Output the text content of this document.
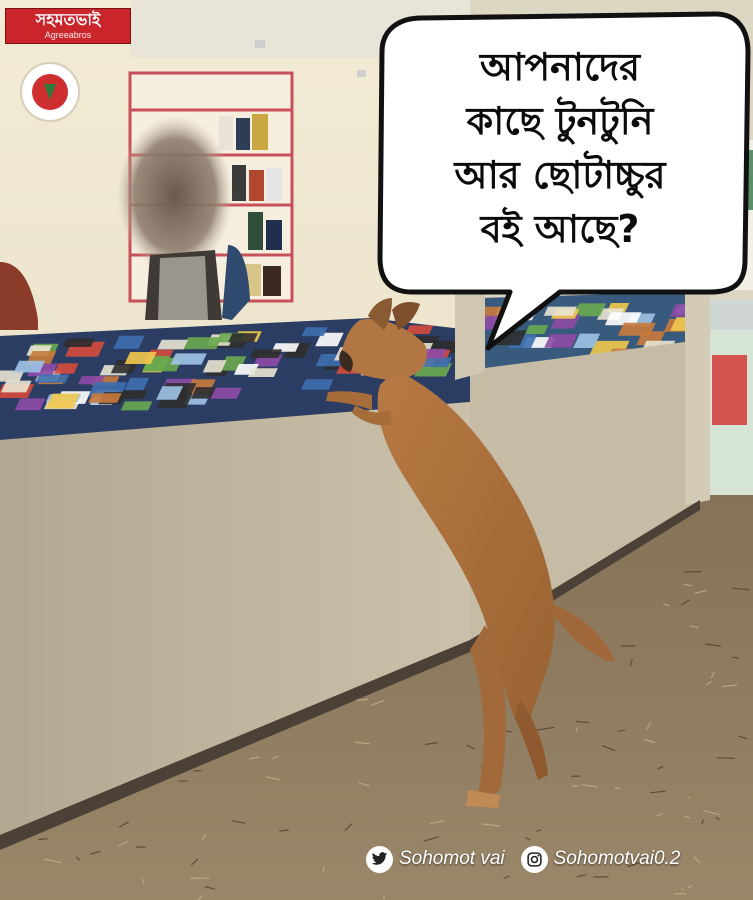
সহমতভাই
Agreeabros
আপনাদের
কাছে টুনটুনি
আর ছোটাচ্চুর
বই আছে?
Sohomot vai	Sohomotvai0.2
